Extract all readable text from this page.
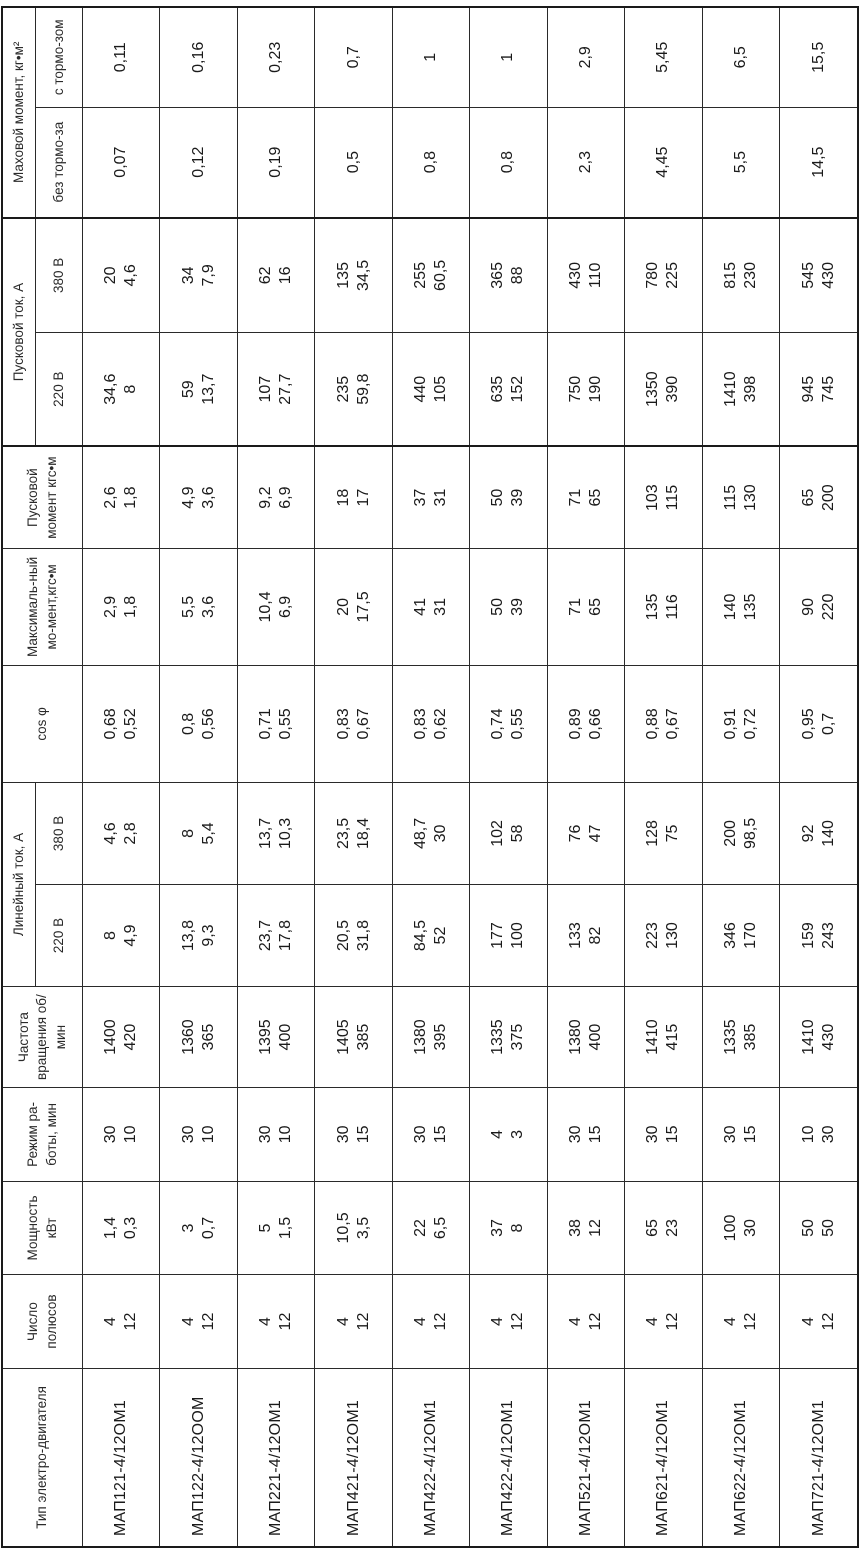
Тип электро-двигателя	Число полюсов	Мощность кВт	Режим ра-боты, мин	Частота вращения об/мин	Линейный ток, А		cos φ	Максималь-ный мо-мент,кгс•м	Пусковой момент кгс•м	Пусковой ток, А		Маховой момент, кг•м²	
					220 В	380 В				220 В	380 В	без тормо-за	с тормо-зом
МАП121-4/12ОМ1	4 12	1,4 0,3	30 10	1400 420	8 4,9	4,6 2,8	0,68 0,52	2,9 1,8	2,6 1,8	34,6 8	20 4,6	0,07	0,11
МАП122-4/12ООМ	4 12	3 0,7	30 10	1360 365	13,8 9,3	8 5,4	0,8 0,56	5,5 3,6	4,9 3,6	59 13,7	34 7,9	0,12	0,16
МАП221-4/12ОМ1	4 12	5 1,5	30 10	1395 400	23,7 17,8	13,7 10,3	0,71 0,55	10,4 6,9	9,2 6,9	107 27,7	62 16	0,19	0,23
МАП421-4/12ОМ1	4 12	10,5 3,5	30 15	1405 385	20,5 31,8	23,5 18,4	0,83 0,67	20 17,5	18 17	235 59,8	135 34,5	0,5	0,7
МАП422-4/12ОМ1	4 12	22 6,5	30 15	1380 395	84,5 52	48,7 30	0,83 0,62	41 31	37 31	440 105	255 60,5	0,8	1
МАП422-4/12ОМ1	4 12	37 8	4 3	1335 375	177 100	102 58	0,74 0,55	50 39	50 39	635 152	365 88	0,8	1
МАП521-4/12ОМ1	4 12	38 12	30 15	1380 400	133 82	76 47	0,89 0,66	71 65	71 65	750 190	430 110	2,3	2,9
МАП621-4/12ОМ1	4 12	65 23	30 15	1410 415	223 130	128 75	0,88 0,67	135 116	103 115	1350 390	780 225	4,45	5,45
МАП622-4/12ОМ1	4 12	100 30	30 15	1335 385	346 170	200 98,5	0,91 0,72	140 135	115 130	1410 398	815 230	5,5	6,5
МАП721-4/12ОМ1	4 12	50 50	10 30	1410 430	159 243	92 140	0,95 0,7	90 220	65 200	945 745	545 430	14,5	15,5
